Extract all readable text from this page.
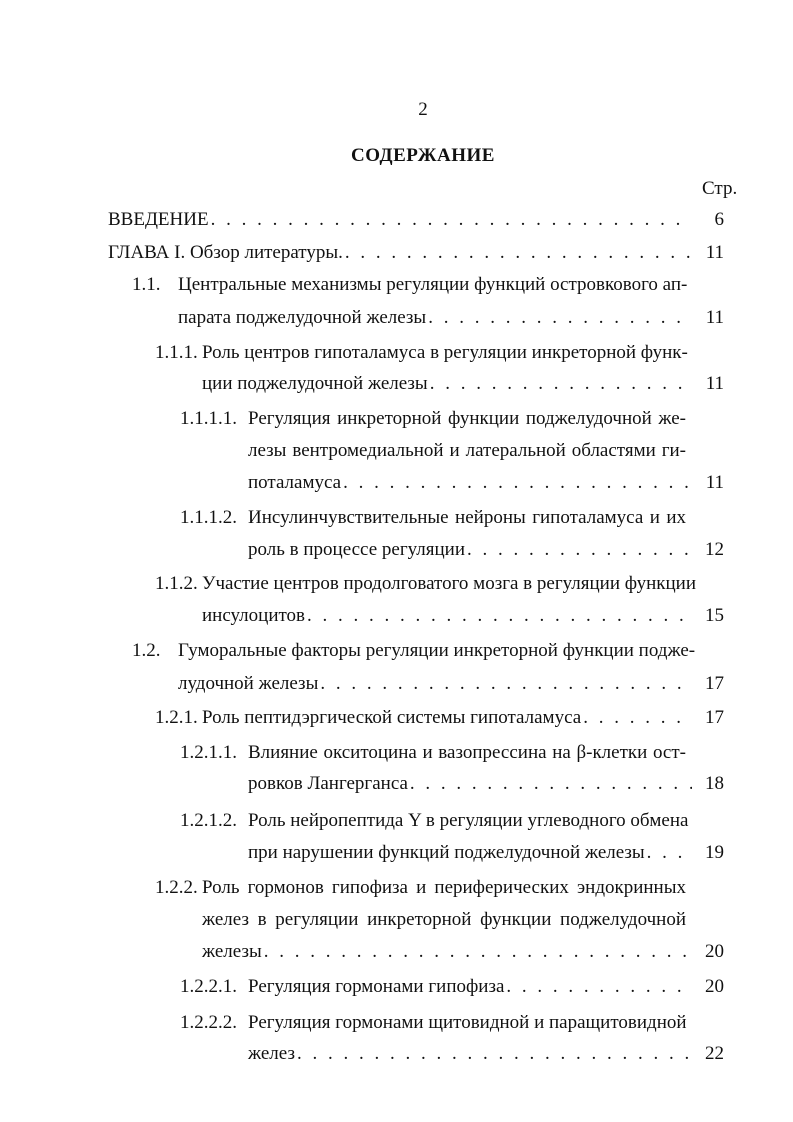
2
СОДЕРЖАНИЕ
Стр.
ВВЕДЕНИЕ . . .	6
ГЛАВА I. Обзор литературы. . . .	11
1.1. Центральные механизмы регуляции функций островкового ап-
парата поджелудочной железы . . .	11
1.1.1. Роль центров гипоталамуса в регуляции инкреторной функ-
ции поджелудочной железы . . .	11
1.1.1.1. Регуляция инкреторной функции поджелудочной же-
лезы вентромедиальной и латеральной областями ги-
поталамуса . . .	11
1.1.1.2. Инсулинчувствительные нейроны гипоталамуса и их
роль в процессе регуляции . . .	12
1.1.2. Участие центров продолговатого мозга в регуляции функции
инсулоцитов . . .	15
1.2. Гуморальные факторы регуляции инкреторной функции подже-
лудочной железы . . .	17
1.2.1. Роль пептидэргической системы гипоталамуса . . .	17
1.2.1.1. Влияние окситоцина и вазопрессина на β-клетки ост-
ровков Лангерганса . . .	18
1.2.1.2. Роль нейропептида Y в регуляции углеводного обмена
при нарушении функций поджелудочной железы . . .	19
1.2.2. Роль гормонов гипофиза и периферических эндокринных
желез в регуляции инкреторной функции поджелудочной
железы . . .	20
1.2.2.1. Регуляция гормонами гипофиза . . .	20
1.2.2.2. Регуляция гормонами щитовидной и паращитовидной
желез . . .	22
